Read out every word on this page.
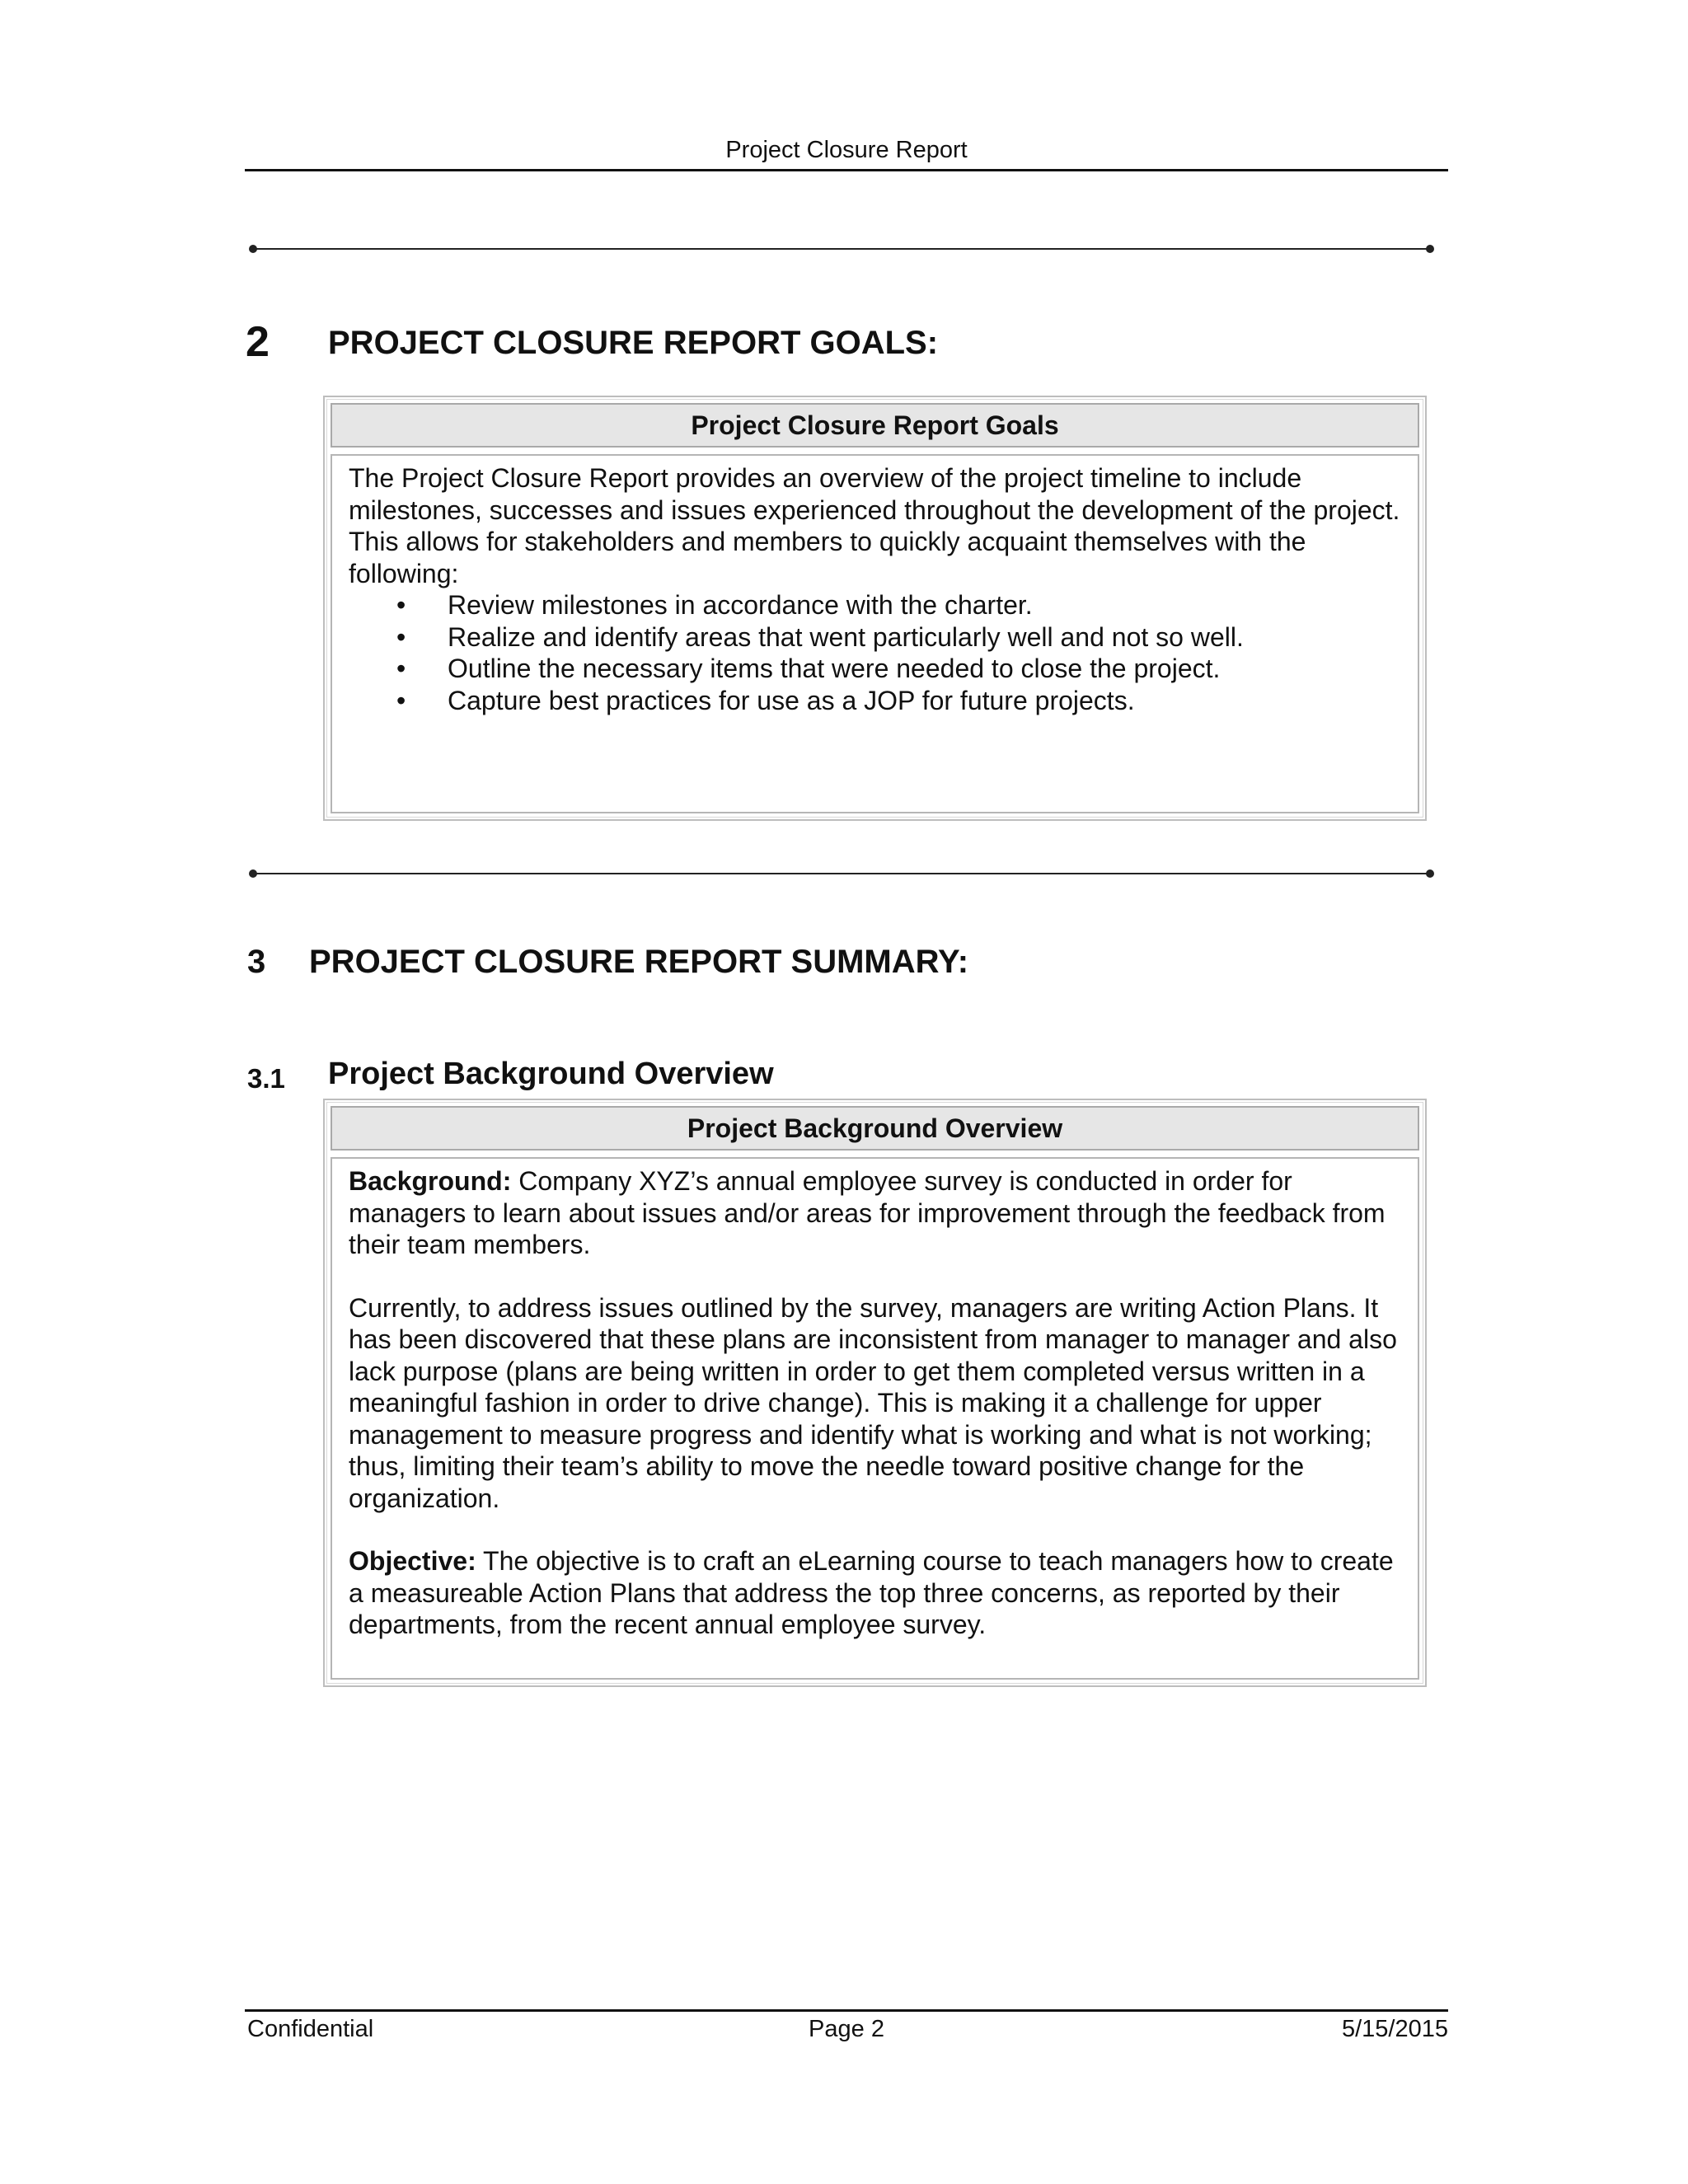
Project Closure Report
2 PROJECT CLOSURE REPORT GOALS:
Project Closure Report Goals

The Project Closure Report provides an overview of the project timeline to include milestones, successes and issues experienced throughout the development of the project. This allows for stakeholders and members to quickly acquaint themselves with the following:

• Review milestones in accordance with the charter.
• Realize and identify areas that went particularly well and not so well.
• Outline the necessary items that were needed to close the project.
• Capture best practices for use as a JOP for future projects.
3 PROJECT CLOSURE REPORT SUMMARY:
3.1 Project Background Overview
Project Background Overview

Background: Company XYZ’s annual employee survey is conducted in order for managers to learn about issues and/or areas for improvement through the feedback from their team members.

Currently, to address issues outlined by the survey, managers are writing Action Plans. It has been discovered that these plans are inconsistent from manager to manager and also lack purpose (plans are being written in order to get them completed versus written in a meaningful fashion in order to drive change). This is making it a challenge for upper management to measure progress and identify what is working and what is not working; thus, limiting their team’s ability to move the needle toward positive change for the organization.

Objective: The objective is to craft an eLearning course to teach managers how to create a measureable Action Plans that address the top three concerns, as reported by their departments, from the recent annual employee survey.

Confidential	Page 2	5/15/2015
